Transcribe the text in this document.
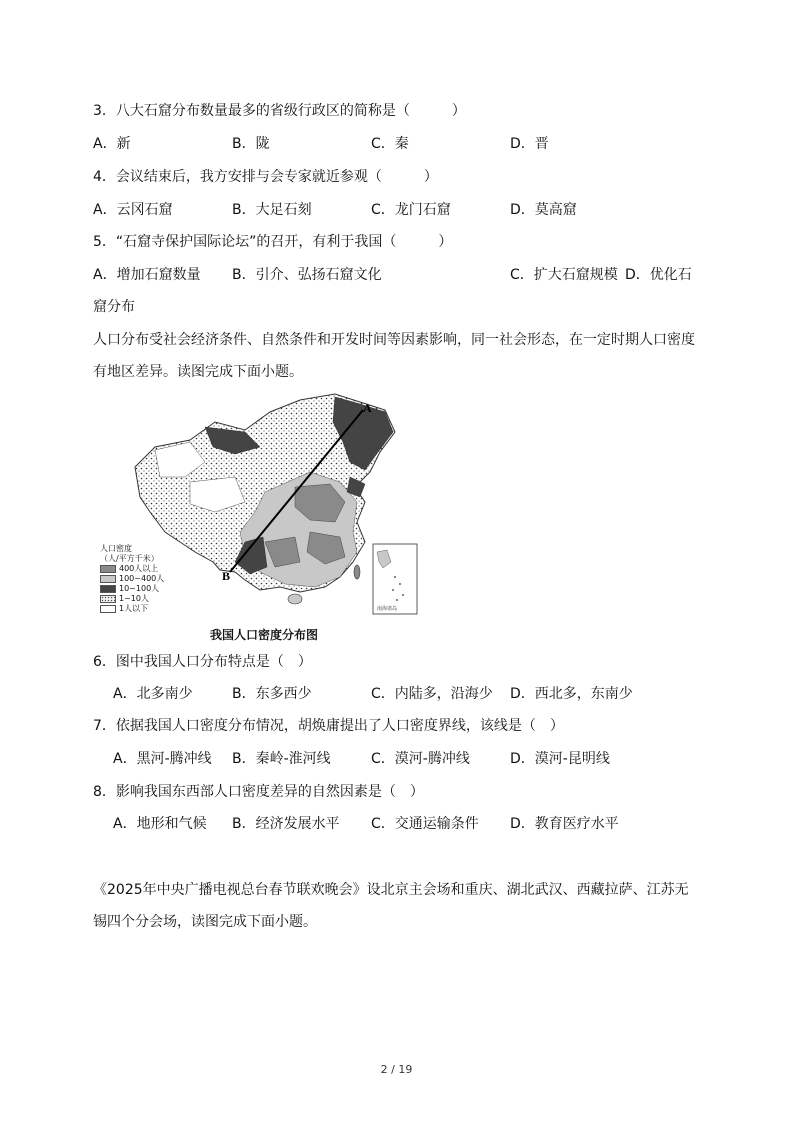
3．八大石窟分布数量最多的省级行政区的简称是（　　　）
A．新	B．陇	C．秦	D．晋
4．会议结束后，我方安排与会专家就近参观（　　　）
A．云冈石窟	B．大足石刻	C．龙门石窟	D．莫高窟
5．“石窟寺保护国际论坛”的召开，有利于我国（　　　）
A．增加石窟数量 B．引介、弘扬石窟文化	C．扩大石窟规模 D．优化石
窟分布
人口分布受社会经济条件、自然条件和开发时间等因素影响，同一社会形态，在一定时期人口密度
有地区差异。读图完成下面小题。
A
B
南海诸岛
人口密度
（人/平方千米）
400人以上
100~400人
10~100人
1~10人
1人以下
我国人口密度分布图
6．图中我国人口分布特点是（　）
A．北多南少	B．东多西少	C．内陆多，沿海少 D．西北多，东南少
7．依据我国人口密度分布情况，胡焕庸提出了人口密度界线，该线是（　）
A．黑河-腾冲线 B．秦岭-淮河线	C．漠河-腾冲线	D．漠河-昆明线
8．影响我国东西部人口密度差异的自然因素是（　）
A．地形和气候 B．经济发展水平 C．交通运输条件 D．教育医疗水平
《2025年中央广播电视总台春节联欢晚会》设北京主会场和重庆、湖北武汉、西藏拉萨、江苏无
锡四个分会场，读图完成下面小题。
2 / 19
